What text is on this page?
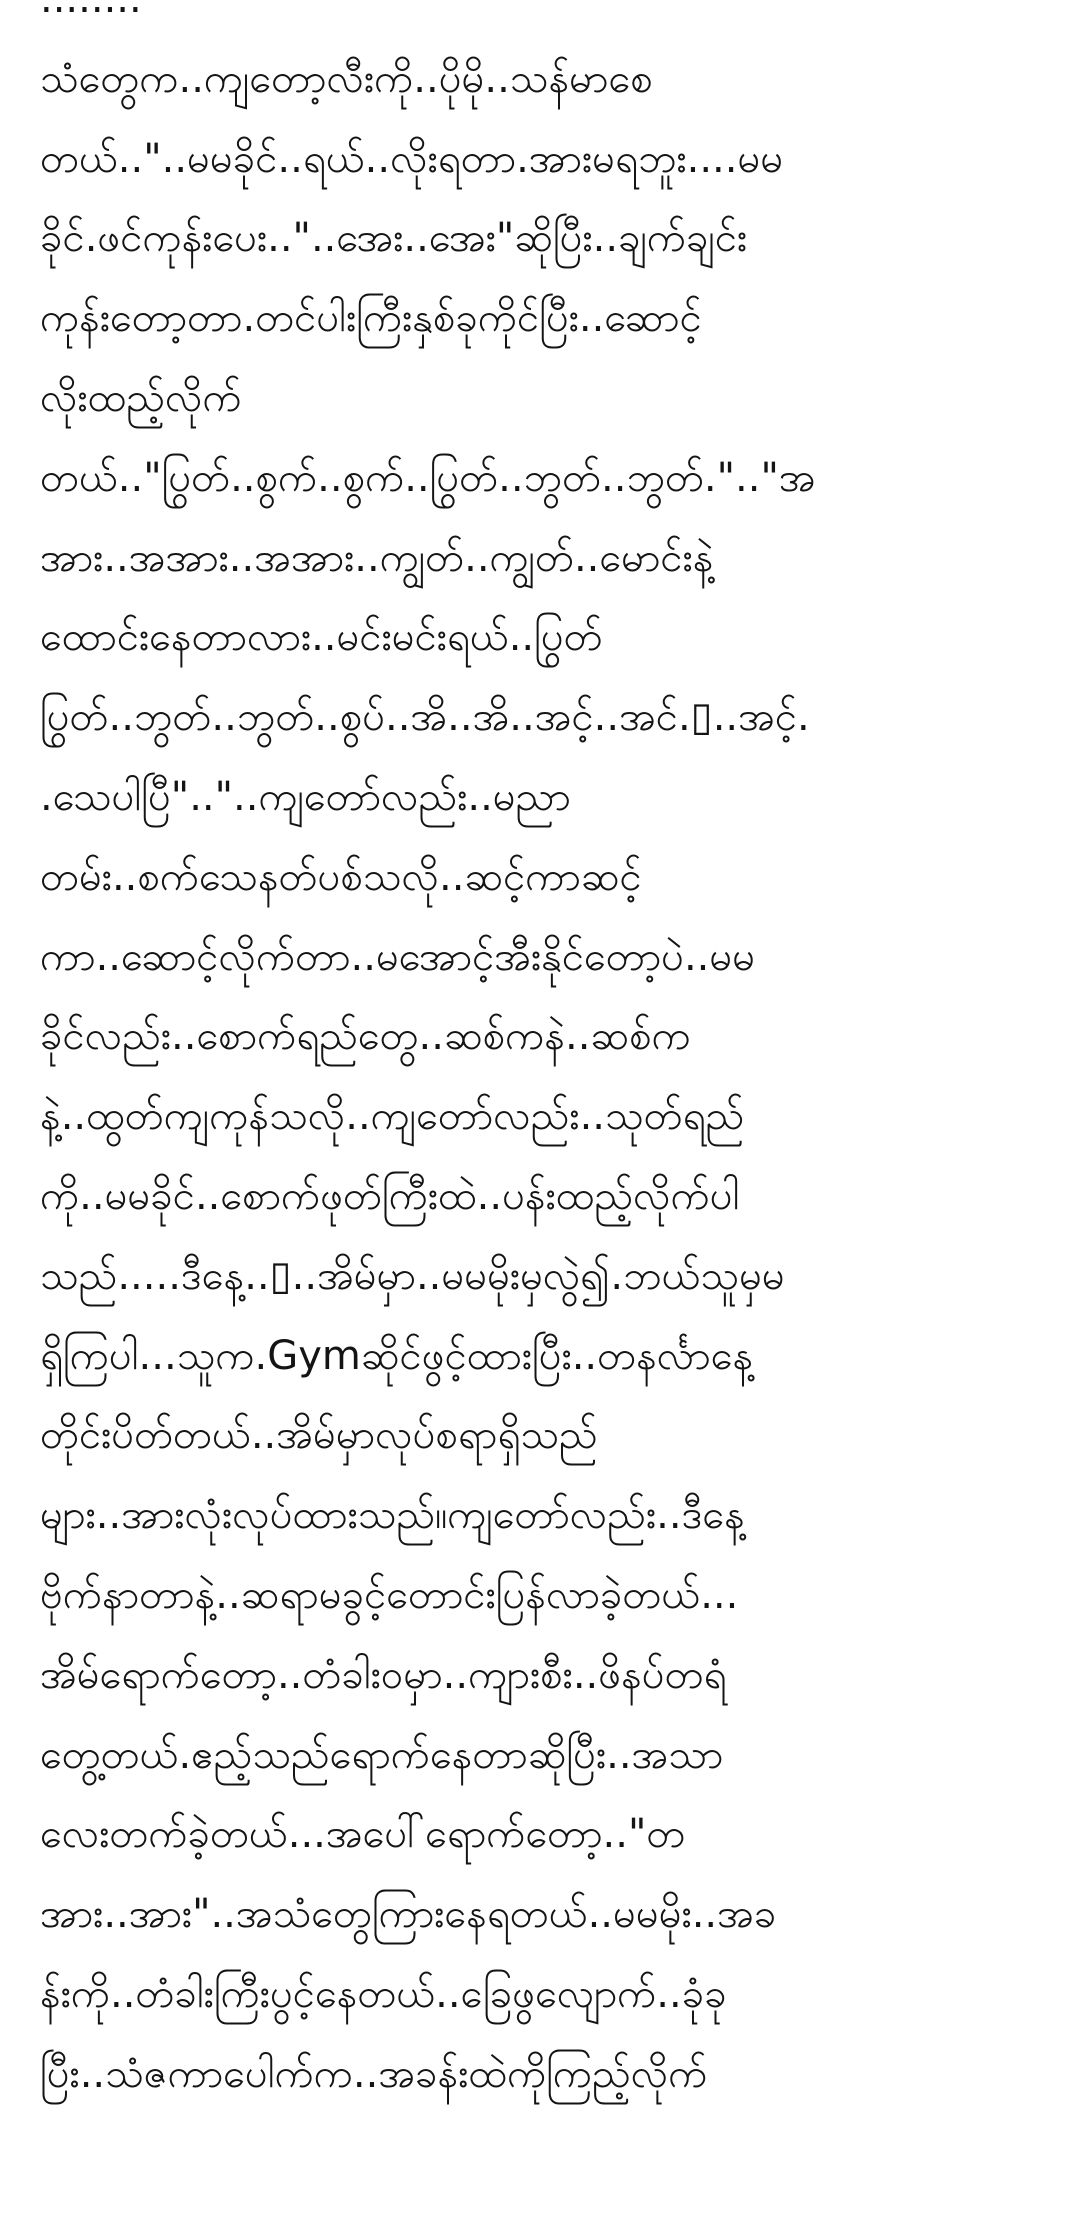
သံတွေက..ကျတော့လီးကို..ပိုမို..သန်မာစေ
တယ်.."..မမခိုင်..ရယ်..လိုးရတာ.အားမရဘူး....မမ
ခိုင်.ဖင်ကုန်းပေး.."..အေး..အေး"ဆိုပြီး..ချက်ချင်း
ကုန်းတော့တာ.တင်ပါးကြီးနှစ်ခုကိုင်ပြီး..ဆောင့်
လိုးထည့်လိုက်
တယ်.."ပြွတ်..စွက်..စွက်..ပြွတ်..ဘွတ်..ဘွတ်.".."အ
အား..အအား..အအား..ကျွတ်..ကျွတ်..မောင်းနဲ့
ထောင်းနေတာလား..မင်းမင်းရယ်..ပြွတ်
ပြွတ်..ဘွတ်..ဘွတ်..စွပ်..အိ..အိ..အင့်..အင်.▯..အင့်.
.သေပါပြီ".."..ကျတော်လည်း..မညာ
တမ်း..စက်သေနတ်ပစ်သလို..ဆင့်ကာဆင့်
ကာ..ဆောင့်လိုက်တာ..မအောင့်အီးနိုင်တော့ပဲ..မမ
ခိုင်လည်း..စောက်ရည်တွေ..ဆစ်ကနဲ..ဆစ်က
နဲ့..ထွတ်ကျကုန်သလို..ကျတော်လည်း..သုတ်ရည်
ကို..မမခိုင်..စောက်ဖုတ်ကြီးထဲ..ပန်းထည့်လိုက်ပါ
သည်.....ဒီနေ့..▯..အိမ်မှာ..မမမိုးမှလွဲ၍.ဘယ်သူမှမ
ရှိကြပါ...သူက.Gymဆိုင်ဖွင့်ထားပြီး..တနင်္လာနေ့
တိုင်းပိတ်တယ်..အိမ်မှာလုပ်စရာရှိသည်
များ..အားလုံးလုပ်ထားသည်။ကျတော်လည်း..ဒီနေ့
ဗိုက်နာတာနဲ့..ဆရာမခွင့်တောင်းပြန်လာခဲ့တယ်...
အိမ်ရောက်တော့..တံခါးဝမှာ..ကျားစီး..ဖိနပ်တရံ
တွေ့တယ်.ဧည့်သည်ရောက်နေတာဆိုပြီး..အသာ
လေးတက်ခဲ့တယ်...အပေါ်ရောက်တော့.."တ
အား..အား"..အသံတွေကြားနေရတယ်..မမမိုး..အခ
န်းကို..တံခါးကြီးပွင့်နေတယ်..ခြေဖွလျောက်..ခုံခု
ပြီး..သံဇကာပေါက်က..အခန်းထဲကိုကြည့်လိုက်
